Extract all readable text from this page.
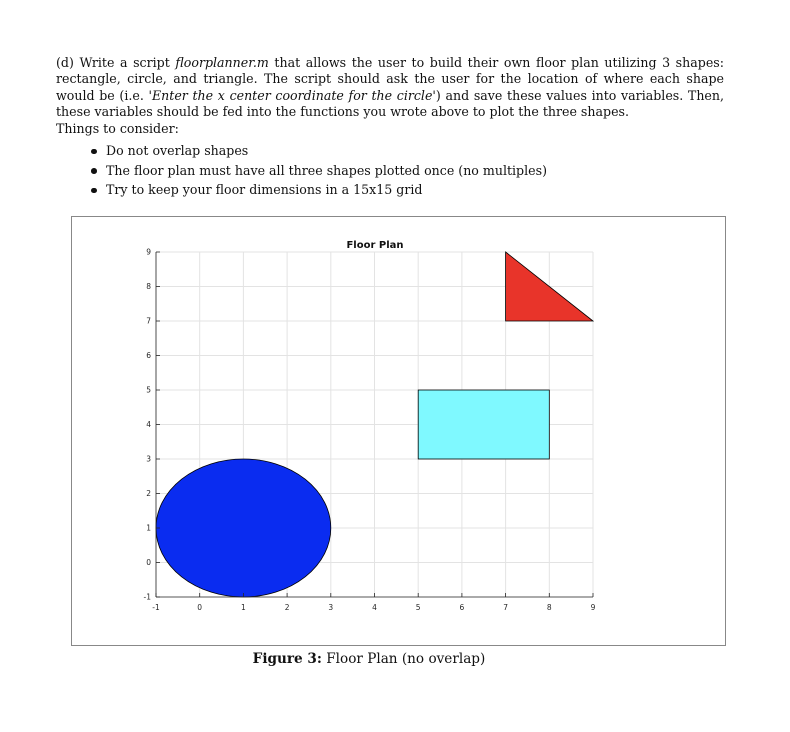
(d) Write a script floorplanner.m that allows the user to build their own floor plan utilizing 3 shapes: rectangle, circle, and triangle. The script should ask the user for the location of where each shape would be (i.e. 'Enter the x center coordinate for the circle') and save these values into variables. Then, these variables should be fed into the functions you wrote above to plot the three shapes.

Things to consider:

Do not overlap shapes
The floor plan must have all three shapes plotted once (no multiples)
Try to keep your floor dimensions in a 15x15 grid
-1	0	1	2	3	4	5	6	7	8	9
-1
0
1
2
3
4
5
6
7
8
9
Floor Plan
Figure 3: Floor Plan (no overlap)
